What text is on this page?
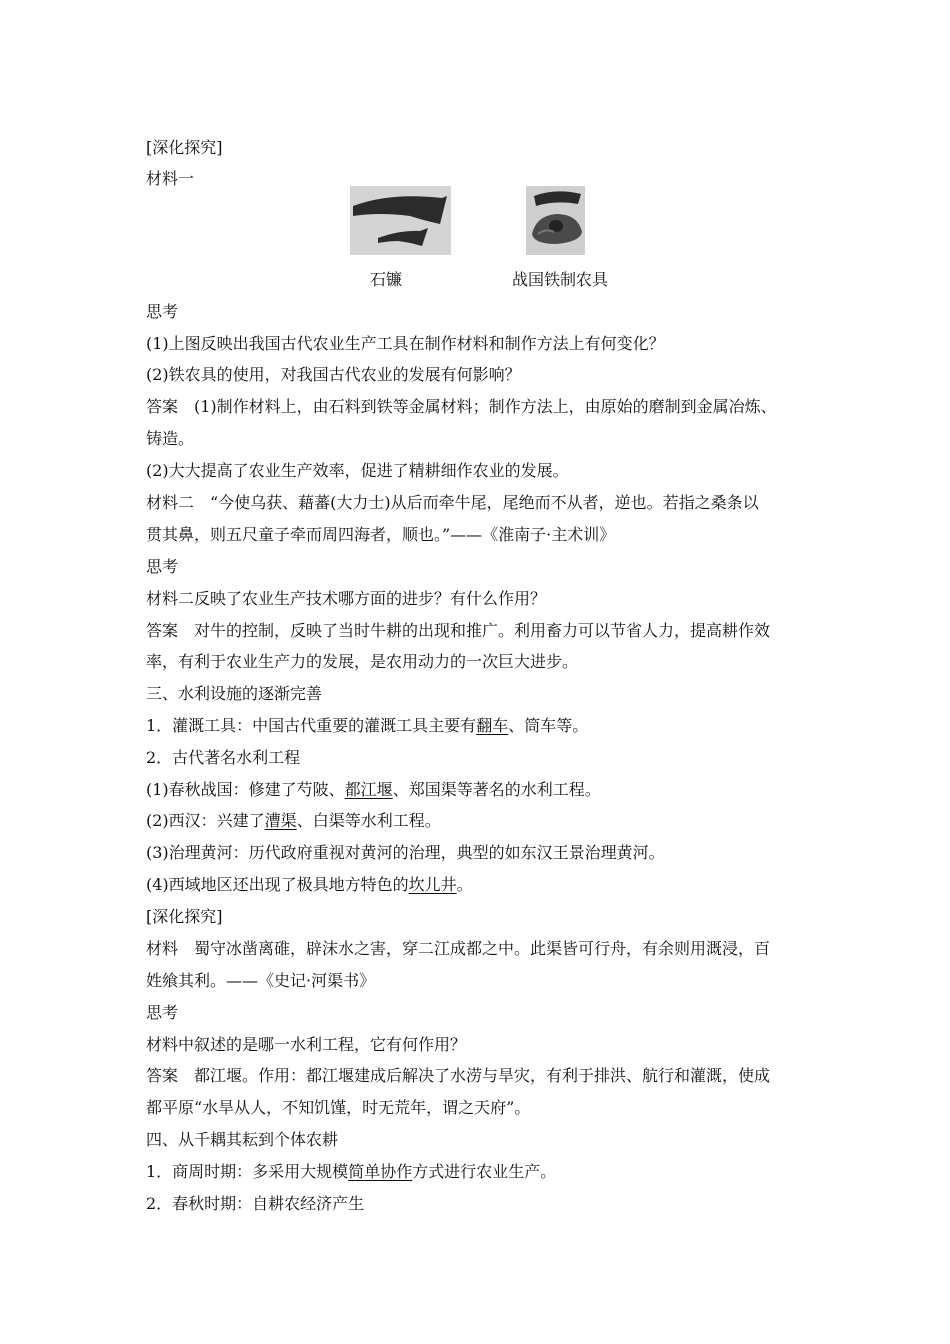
[深化探究]
材料一
石镰	战国铁制农具
思考
(1)上图反映出我国古代农业生产工具在制作材料和制作方法上有何变化？
(2)铁农具的使用，对我国古代农业的发展有何影响？
答案　(1)制作材料上，由石料到铁等金属材料；制作方法上，由原始的磨制到金属冶炼、
铸造。
(2)大大提高了农业生产效率，促进了精耕细作农业的发展。
材料二　“今使乌获、藉蕃(大力士)从后而牵牛尾，尾绝而不从者，逆也。若指之桑条以
贯其鼻，则五尺童子牵而周四海者，顺也。”——《淮南子·主术训》
思考
材料二反映了农业生产技术哪方面的进步？有什么作用？
答案　对牛的控制，反映了当时牛耕的出现和推广。利用畜力可以节省人力，提高耕作效
率，有利于农业生产力的发展，是农用动力的一次巨大进步。
三、水利设施的逐渐完善
1．灌溉工具：中国古代重要的灌溉工具主要有翻车、筒车等。
2．古代著名水利工程
(1)春秋战国：修建了芍陂、都江堰、郑国渠等著名的水利工程。
(2)西汉：兴建了漕渠、白渠等水利工程。
(3)治理黄河：历代政府重视对黄河的治理，典型的如东汉王景治理黄河。
(4)西域地区还出现了极具地方特色的坎儿井。
[深化探究]
材料　蜀守冰凿离碓，辟沫水之害，穿二江成都之中。此渠皆可行舟，有余则用溉浸，百
姓飨其利。——《史记·河渠书》
思考
材料中叙述的是哪一水利工程，它有何作用？
答案　都江堰。作用：都江堰建成后解决了水涝与旱灾，有利于排洪、航行和灌溉，使成
都平原“水旱从人，不知饥馑，时无荒年，谓之天府”。
四、从千耦其耘到个体农耕
1．商周时期：多采用大规模简单协作方式进行农业生产。
2．春秋时期：自耕农经济产生
